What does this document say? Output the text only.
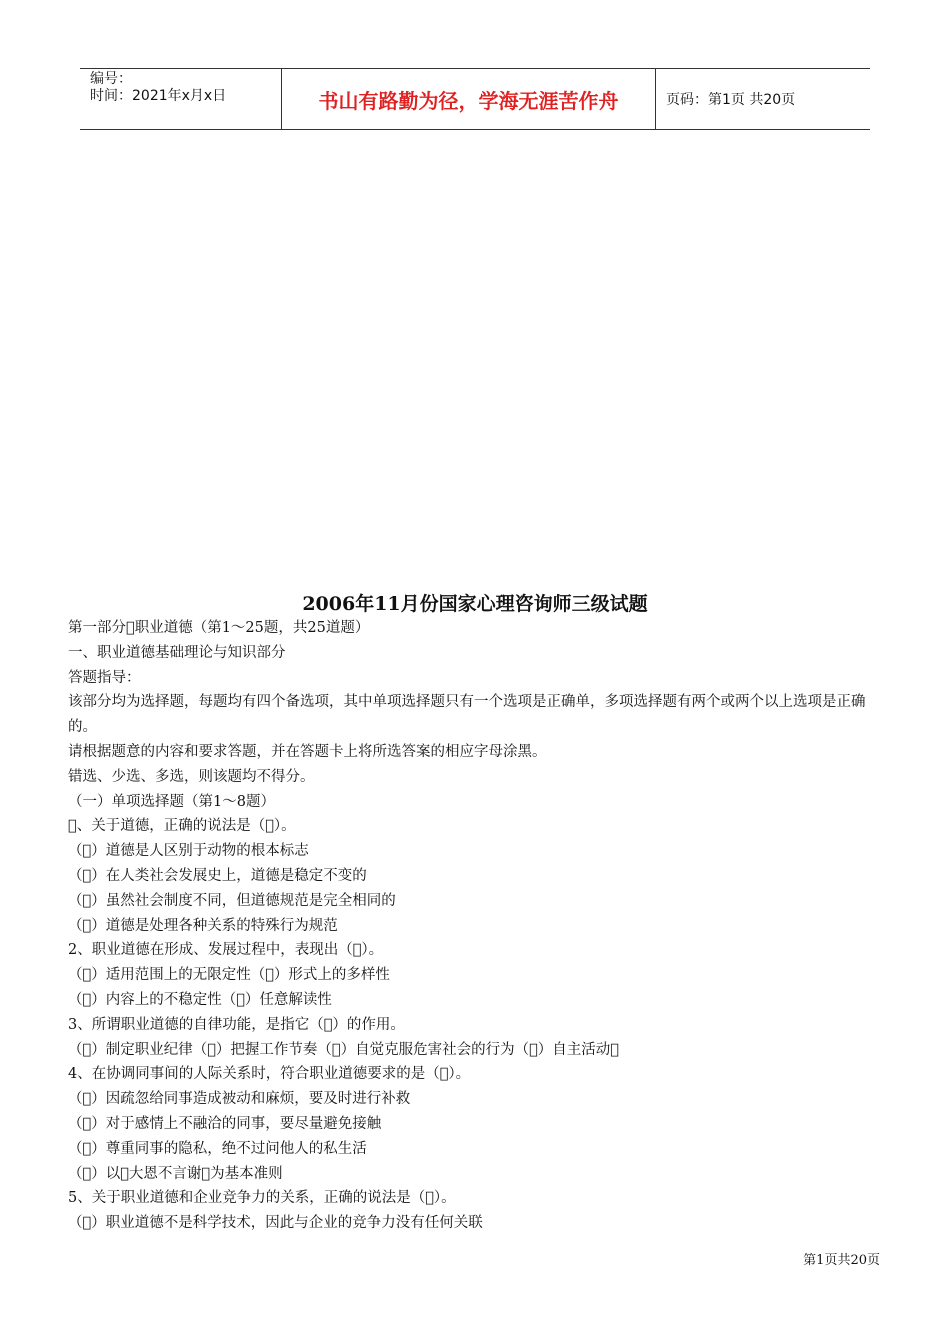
编号：
时间：2021年x月x日	书山有路勤为径，学海无涯苦作舟	页码：第1页 共20页
2006年11月份国家心理咨询师三级试题

第一部分 职业道德（第1～25题，共25道题）

一、职业道德基础理论与知识部分

答题指导：

该部分均为选择题，每题均有四个备选项，其中单项选择题只有一个选项是正确单，多项选择题有两个或两个以上选项是正确的。

请根据题意的内容和要求答题，并在答题卡上将所选答案的相应字母涂黑。

错选、少选、多选，则该题均不得分。

（一）单项选择题（第1～8题）

 、关于道德，正确的说法是（ ）。

（ ）道德是人区别于动物的根本标志

（ ）在人类社会发展史上，道德是稳定不变的

（ ）虽然社会制度不同，但道德规范是完全相同的

（ ）道德是处理各种关系的特殊行为规范

2、职业道德在形成、发展过程中，表现出（ ）。

（ ）适用范围上的无限定性（ ）形式上的多样性

（ ）内容上的不稳定性（ ）任意解读性

3、所谓职业道德的自律功能，是指它（ ）的作用。

（ ）制定职业纪律（ ）把握工作节奏（ ）自觉克服危害社会的行为（ ）自主活动 

4、在协调同事间的人际关系时，符合职业道德要求的是（ ）。

（ ）因疏忽给同事造成被动和麻烦，要及时进行补救

（ ）对于感情上不融洽的同事，要尽量避免接触

（ ）尊重同事的隐私，绝不过问他人的私生活

（ ）以 大恩不言谢 为基本准则

5、关于职业道德和企业竞争力的关系，正确的说法是（ ）。

（ ）职业道德不是科学技术，因此与企业的竞争力没有任何关联

第1页共20页
